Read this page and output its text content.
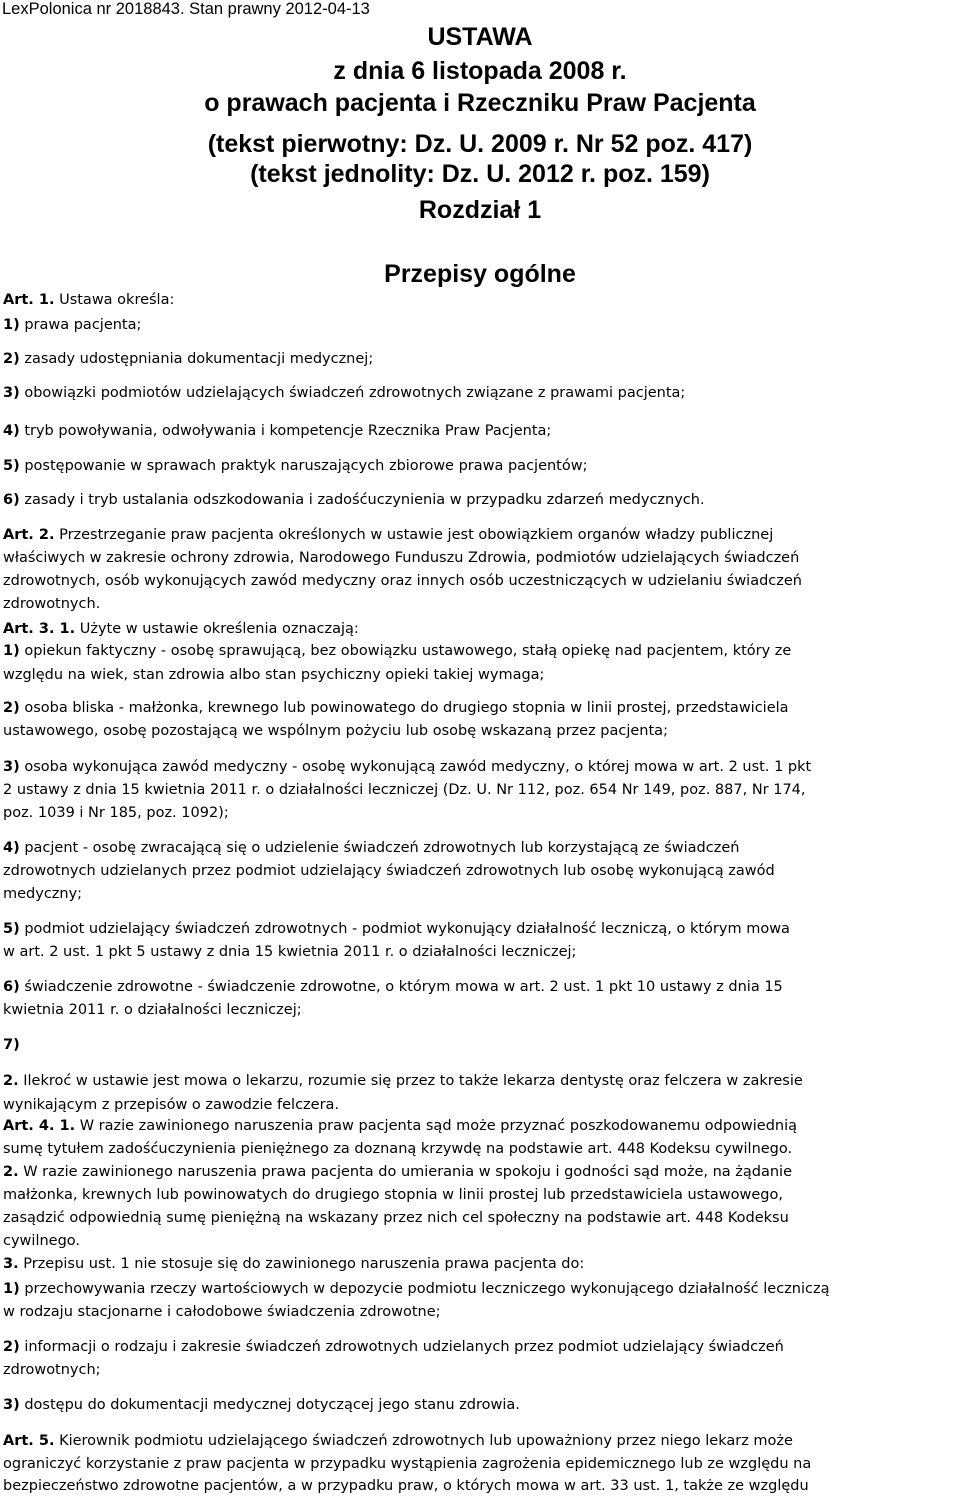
LexPolonica nr 2018843. Stan prawny 2012-04-13
USTAWA
z dnia 6 listopada 2008 r.
o prawach pacjenta i Rzeczniku Praw Pacjenta
(tekst pierwotny: Dz. U. 2009 r. Nr 52 poz. 417)
(tekst jednolity: Dz. U. 2012 r. poz. 159)
Rozdział 1
Przepisy ogólne
Art. 1. Ustawa określa:
1) prawa pacjenta;
2) zasady udostępniania dokumentacji medycznej;
3) obowiązki podmiotów udzielających świadczeń zdrowotnych związane z prawami pacjenta;
4) tryb powoływania, odwoływania i kompetencje Rzecznika Praw Pacjenta;
5) postępowanie w sprawach praktyk naruszających zbiorowe prawa pacjentów;
6) zasady i tryb ustalania odszkodowania i zadośćuczynienia w przypadku zdarzeń medycznych.
Art. 2. Przestrzeganie praw pacjenta określonych w ustawie jest obowiązkiem organów władzy publicznej
właściwych w zakresie ochrony zdrowia, Narodowego Funduszu Zdrowia, podmiotów udzielających świadczeń
zdrowotnych, osób wykonujących zawód medyczny oraz innych osób uczestniczących w udzielaniu świadczeń
zdrowotnych.
Art. 3. 1. Użyte w ustawie określenia oznaczają:
1) opiekun faktyczny - osobę sprawującą, bez obowiązku ustawowego, stałą opiekę nad pacjentem, który ze
względu na wiek, stan zdrowia albo stan psychiczny opieki takiej wymaga;
2) osoba bliska - małżonka, krewnego lub powinowatego do drugiego stopnia w linii prostej, przedstawiciela
ustawowego, osobę pozostającą we wspólnym pożyciu lub osobę wskazaną przez pacjenta;
3) osoba wykonująca zawód medyczny - osobę wykonującą zawód medyczny, o której mowa w art. 2 ust. 1 pkt
2 ustawy z dnia 15 kwietnia 2011 r. o działalności leczniczej (Dz. U. Nr 112, poz. 654 Nr 149, poz. 887, Nr 174,
poz. 1039 i Nr 185, poz. 1092);
4) pacjent - osobę zwracającą się o udzielenie świadczeń zdrowotnych lub korzystającą ze świadczeń
zdrowotnych udzielanych przez podmiot udzielający świadczeń zdrowotnych lub osobę wykonującą zawód
medyczny;
5) podmiot udzielający świadczeń zdrowotnych - podmiot wykonujący działalność leczniczą, o którym mowa
w art. 2 ust. 1 pkt 5 ustawy z dnia 15 kwietnia 2011 r. o działalności leczniczej;
6) świadczenie zdrowotne - świadczenie zdrowotne, o którym mowa w art. 2 ust. 1 pkt 10 ustawy z dnia 15
kwietnia 2011 r. o działalności leczniczej;
7)
2. Ilekroć w ustawie jest mowa o lekarzu, rozumie się przez to także lekarza dentystę oraz felczera w zakresie
wynikającym z przepisów o zawodzie felczera.
Art. 4. 1. W razie zawinionego naruszenia praw pacjenta sąd może przyznać poszkodowanemu odpowiednią
sumę tytułem zadośćuczynienia pieniężnego za doznaną krzywdę na podstawie art. 448 Kodeksu cywilnego.
2. W razie zawinionego naruszenia prawa pacjenta do umierania w spokoju i godności sąd może, na żądanie
małżonka, krewnych lub powinowatych do drugiego stopnia w linii prostej lub przedstawiciela ustawowego,
zasądzić odpowiednią sumę pieniężną na wskazany przez nich cel społeczny na podstawie art. 448 Kodeksu
cywilnego.
3. Przepisu ust. 1 nie stosuje się do zawinionego naruszenia prawa pacjenta do:
1) przechowywania rzeczy wartościowych w depozycie podmiotu leczniczego wykonującego działalność leczniczą
w rodzaju stacjonarne i całodobowe świadczenia zdrowotne;
2) informacji o rodzaju i zakresie świadczeń zdrowotnych udzielanych przez podmiot udzielający świadczeń
zdrowotnych;
3) dostępu do dokumentacji medycznej dotyczącej jego stanu zdrowia.
Art. 5. Kierownik podmiotu udzielającego świadczeń zdrowotnych lub upoważniony przez niego lekarz może
ograniczyć korzystanie z praw pacjenta w przypadku wystąpienia zagrożenia epidemicznego lub ze względu na
bezpieczeństwo zdrowotne pacjentów, a w przypadku praw, o których mowa w art. 33 ust. 1, także ze względu
